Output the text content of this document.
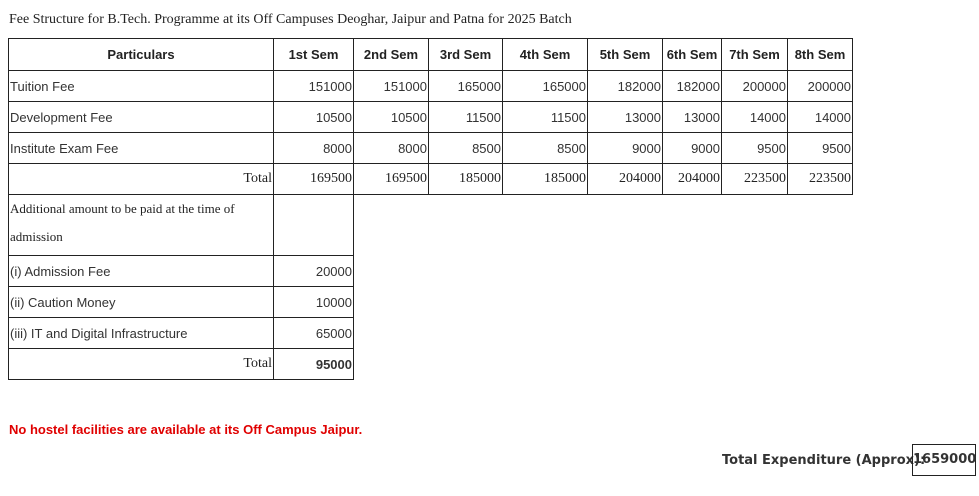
Fee Structure for B.Tech. Programme at its Off Campuses Deoghar, Jaipur and Patna for 2025 Batch
Particulars	1st Sem	2nd Sem	3rd Sem	4th Sem	5th Sem	6th Sem	7th Sem	8th Sem
Tuition Fee	151000	151000	165000	165000	182000	182000	200000	200000
Development Fee	10500	10500	11500	11500	13000	13000	14000	14000
Institute Exam Fee	8000	8000	8500	8500	9000	9000	9500	9500
Total	169500	169500	185000	185000	204000	204000	223500	223500
Additional amount to be paid at the time of admission								
(i) Admission Fee	20000							
(ii) Caution Money	10000							
(iii) IT and Digital Infrastructure	65000							
Total	95000							
No hostel facilities are available at its Off Campus Jaipur.
Total Expenditure (Approx):
1659000
